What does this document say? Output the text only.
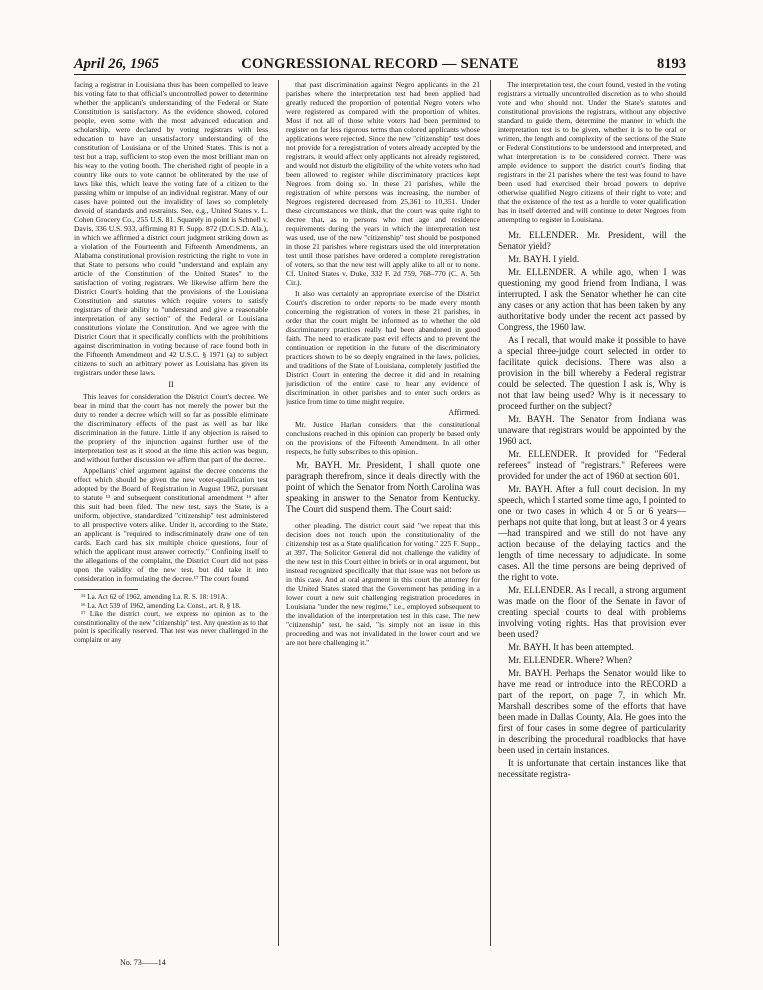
April 26, 1965	CONGRESSIONAL RECORD — SENATE	8193

facing a registrar in Louisiana thus has been compelled to leave his voting fate to that official's uncontrolled power to determine whether the applicant's understanding of the Federal or State Constitution is satisfactory. As the evidence showed, colored people, even some with the most advanced education and scholarship, were declared by voting registrars with less education to have an unsatisfactory understanding of the constitution of Louisiana or of the United States. This is not a test but a trap, sufficient to stop even the most brilliant man on his way to the voting booth. The cherished right of people in a country like ours to vote cannot be obliterated by the use of laws like this, which leave the voting fate of a citizen to the passing whim or impulse of an individual registrar. Many of our cases have pointed out the invalidity of laws so completely devoid of standards and restraints. See, e.g., United States v. L. Cohen Grocery Co., 255 U.S. 81. Squarely in point is Schnell v. Davis, 336 U.S. 933, affirming 81 F. Supp. 872 (D.C.S.D. Ala.), in which we affirmed a district court judgment striking down as a violation of the Fourteenth and Fifteenth Amendments, an Alabama constitutional provision restricting the right to vote in that State to persons who could "understand and explain any article of the Constitution of the United States" to the satisfaction of voting registrars. We likewise affirm here the District Court's holding that the provisions of the Louisiana Constitution and statutes which require voters to satisfy registrars of their ability to "understand and give a reasonable interpretation of any section" of the Federal or Louisiana constitutions violate the Constitution. And we agree with the District Court that it specifically conflicts with the prohibitions against discrimination in voting because of race found both in the Fifteenth Amendment and 42 U.S.C. § 1971 (a) to subject citizens to such an arbitrary power as Louisiana has given its registrars under these laws.

II

This leaves for consideration the District Court's decree. We bear in mind that the court has not merely the power but the duty to render a decree which will so far as possible eliminate the discriminatory effects of the past as well as bar like discrimination in the future. Little if any objection is raised to the propriety of the injunction against further use of the interpretation test as it stood at the time this action was begun, and without further discussion we affirm that part of the decree.

Appellants' chief argument against the decree concerns the effect which should be given the new voter-qualification test adopted by the Board of Registration in August 1962, pursuant to statute ¹⁵ and subsequent constitutional amendment ¹⁶ after this suit had been filed. The new test, says the State, is a uniform, objective, standardized "citizenship" test administered to all prospective voters alike. Under it, according to the State, an applicant is "required to indiscriminately draw one of ten cards. Each card has six multiple choice questions, four of which the applicant must answer correctly." Confining itself to the allegations of the complaint, the District Court did not pass upon the validity of the new test, but did take it into consideration in formulating the decree.¹⁷ The court found

¹⁵ La. Act 62 of 1962, amending La. R. S. 18: 191A.

¹⁶ La. Act 539 of 1962, amending La. Const., art. 8, § 18.

¹⁷ Like the district court, we express no opinion as to the constitutionality of the new "citizenship" test. Any question as to that point is specifically reserved. That test was never challenged in the complaint or any

No. 73——14

that past discrimination against Negro applicants in the 21 parishes where the interpretation test had been applied had greatly reduced the proportion of potential Negro voters who were registered as compared with the proportion of whites. Most if not all of those white voters had been permitted to register on far less rigorous terms than colored applicants whose applications were rejected. Since the new "citizenship" test does not provide for a reregistration of voters already accepted by the registrars, it would affect only applicants not already registered, and would not disturb the eligibility of the white voters who had been allowed to register while discriminatory practices kept Negroes from doing so. In these 21 parishes, while the registration of white persons was increasing, the number of Negroes registered decreased from 25,361 to 10,351. Under these circumstances we think, that the court was quite right to decree that, as to persons who met age and residence requirements during the years in which the interpretation test was used, use of the new "citizenship" test should be postponed in those 21 parishes where registrars used the old interpretation test until those parishes have ordered a complete reregistration of voters, so that the new test will apply alike to all or to none. Cf. United States v. Duke, 332 F. 2d 759, 768–770 (C. A. 5th Cir.).

It also was certainly an appropriate exercise of the District Court's discretion to order reports to be made every month concerning the registration of voters in these 21 parishes, in order that the court might be informed as to whether the old discriminatory practices really had been abandoned in good faith. The need to eradicate past evil effects and to prevent the continuation or repetition in the future of the discriminatory practices shown to be so deeply engrained in the laws, policies, and traditions of the State of Louisiana, completely justified the District Court in entering the decree it did and in retaining jurisdiction of the entire case to hear any evidence of discrimination in other parishes and to enter such orders as justice from time to time might require.

Affirmed.

Mr. Justice Harlan considers that the constitutional conclusions reached in this opinion can properly be based only on the provisions of the Fifteenth Amendment. In all other respects, he fully subscribes to this opinion.

Mr. BAYH. Mr. President, I shall quote one paragraph therefrom, since it deals directly with the point of which the Senator from North Carolina was speaking in answer to the Senator from Kentucky. The Court did suspend them. The Court said:

other pleading. The district court said "we repeat that this decision does not touch upon the constitutionality of the citizenship test as a State qualification for voting." 225 F. Supp., at 397. The Solicitor General did not challenge the validity of the new test in this Court either in briefs or in oral argument, but instead recognized specifically that that issue was not before us in this case. And at oral argument in this court the attorney for the United States stated that the Government has pending in a lower court a new suit challenging registration procedures in Louisiana "under the new regime," i.e., employed subsequent to the invalidation of the interpretation test in this case. The new "citizenship" test, he said, "is simply not an issue in this proceeding and was not invalidated in the lower court and we are not here challenging it."

The interpretation test, the court found, vested in the voting registrars a virtually uncontrolled discretion as to who should vote and who should not. Under the State's statutes and constitutional provisions the registrars, without any objective standard to guide them, determine the manner in which the interpretation test is to be given, whether it is to be oral or written, the length and complexity of the sections of the State or Federal Constitutions to be understood and interpreted, and what interpretation is to be considered correct. There was ample evidence to support the district court's finding that registrars in the 21 parishes where the test was found to have been used had exercised their broad powers to deprive otherwise qualified Negro citizens of their right to vote; and that the existence of the test as a hurdle to voter qualification has in itself deterred and will continue to deter Negroes from attempting to register in Louisiana.

Mr. ELLENDER. Mr. President, will the Senator yield?

Mr. BAYH. I yield.

Mr. ELLENDER. A while ago, when I was questioning my good friend from Indiana, I was interrupted. I ask the Senator whether he can cite any cases or any action that has been taken by any authoritative body under the recent act passed by Congress, the 1960 law.

As I recall, that would make it possible to have a special three-judge court selected in order to facilitate quick decisions. There was also a provision in the bill whereby a Federal registrar could be selected. The question I ask is, Why is not that law being used? Why is it necessary to proceed further on the subject?

Mr. BAYH. The Senator from Indiana was unaware that registrars would be appointed by the 1960 act.

Mr. ELLENDER. It provided for "Federal referees" instead of "registrars." Referees were provided for under the act of 1960 at section 601.

Mr. BAYH. After a full court decision. In my speech, which I started some time ago, I pointed to one or two cases in which 4 or 5 or 6 years—perhaps not quite that long, but at least 3 or 4 years—had transpired and we still do not have any action because of the delaying tactics and the length of time necessary to adjudicate. In some cases. All the time persons are being deprived of the right to vote.

Mr. ELLENDER. As I recall, a strong argument was made on the floor of the Senate in favor of creating special courts to deal with problems involving voting rights. Has that provision ever been used?

Mr. BAYH. It has been attempted.

Mr. ELLENDER. Where? When?

Mr. BAYH. Perhaps the Senator would like to have me read or introduce into the RECORD a part of the report, on page 7, in which Mr. Marshall describes some of the efforts that have been made in Dallas County, Ala. He goes into the first of four cases in some degree of particularity in describing the procedural roadblocks that have been used in certain instances.

It is unfortunate that certain instances like that necessitate registra-
